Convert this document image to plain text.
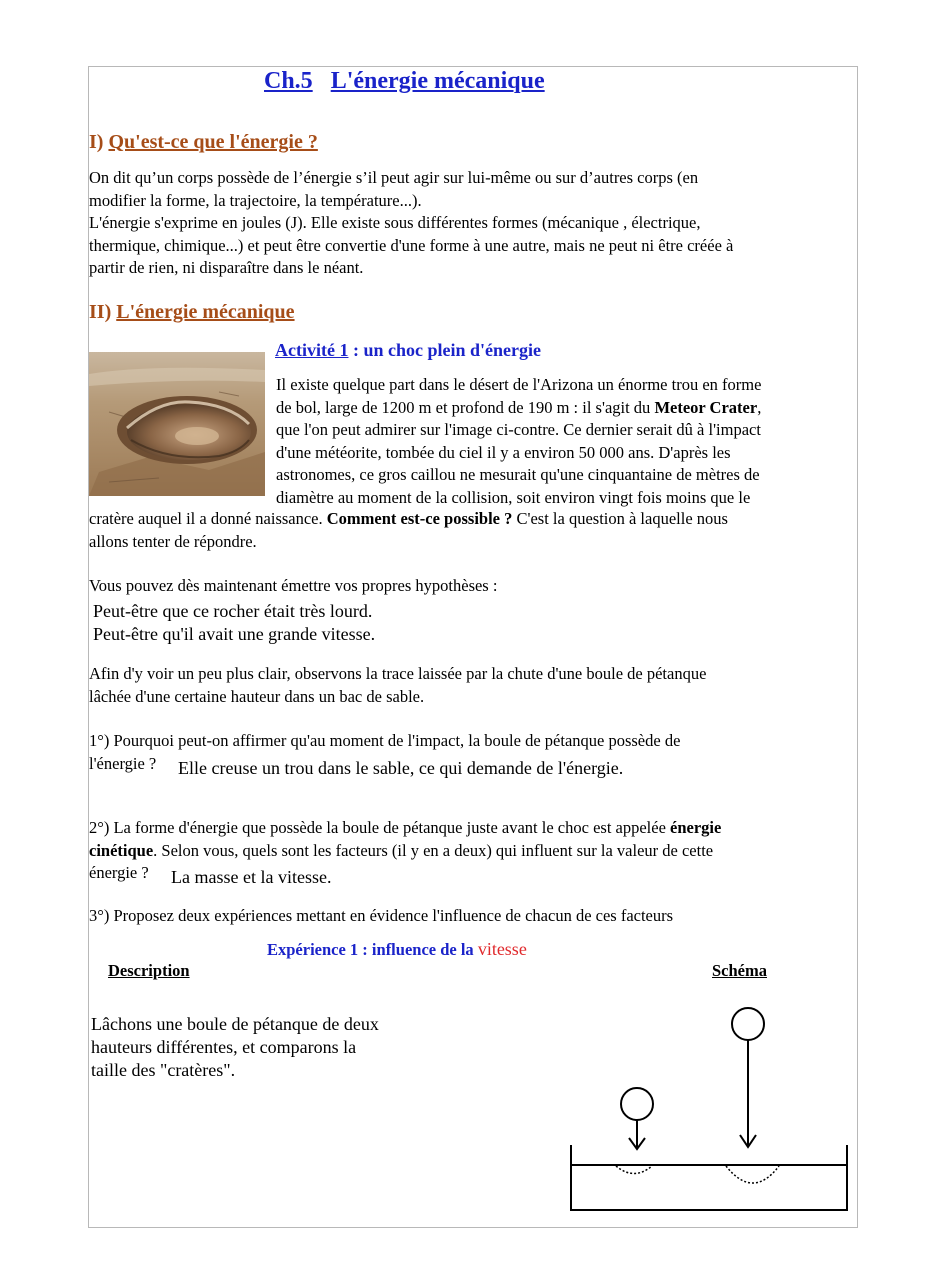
Ch.5 L'énergie mécanique
I) Qu'est-ce que l'énergie ?
On dit qu’un corps possède de l’énergie s’il peut agir sur lui-même ou sur d’autres corps (en
modifier la forme, la trajectoire, la température...).
L'énergie s'exprime en joules (J). Elle existe sous différentes formes (mécanique , électrique,
thermique, chimique...) et peut être convertie d'une forme à une autre, mais ne peut ni être créée à
partir de rien, ni disparaître dans le néant.
II) L'énergie mécanique
Activité 1 : un choc plein d'énergie
Il existe quelque part dans le désert de l'Arizona un énorme trou en forme
de bol, large de 1200 m et profond de 190 m : il s'agit du Meteor Crater,
que l'on peut admirer sur l'image ci-contre. Ce dernier serait dû à l'impact
d'une météorite, tombée du ciel il y a environ 50 000 ans. D'après les
astronomes, ce gros caillou ne mesurait qu'une cinquantaine de mètres de
diamètre au moment de la collision, soit environ vingt fois moins que le
cratère auquel il a donné naissance. Comment est-ce possible ? C'est la question à laquelle nous
allons tenter de répondre.
Vous pouvez dès maintenant émettre vos propres hypothèses :
Peut-être que ce rocher était très lourd.
Peut-être qu'il avait une grande vitesse.
Afin d'y voir un peu plus clair, observons la trace laissée par la chute d'une boule de pétanque
lâchée d'une certaine hauteur dans un bac de sable.
1°) Pourquoi peut-on affirmer qu'au moment de l'impact, la boule de pétanque possède de
l'énergie ?	Elle creuse un trou dans le sable, ce qui demande de l'énergie.
2°) La forme d'énergie que possède la boule de pétanque juste avant le choc est appelée énergie
cinétique. Selon vous, quels sont les facteurs (il y en a deux) qui influent sur la valeur de cette
énergie ?	La masse et la vitesse.
3°) Proposez deux expériences mettant en évidence l'influence de chacun de ces facteurs
Expérience 1 : influence de la vitesse
Description	Schéma
Lâchons une boule de pétanque de deux
hauteurs différentes, et comparons la
taille des "cratères".
